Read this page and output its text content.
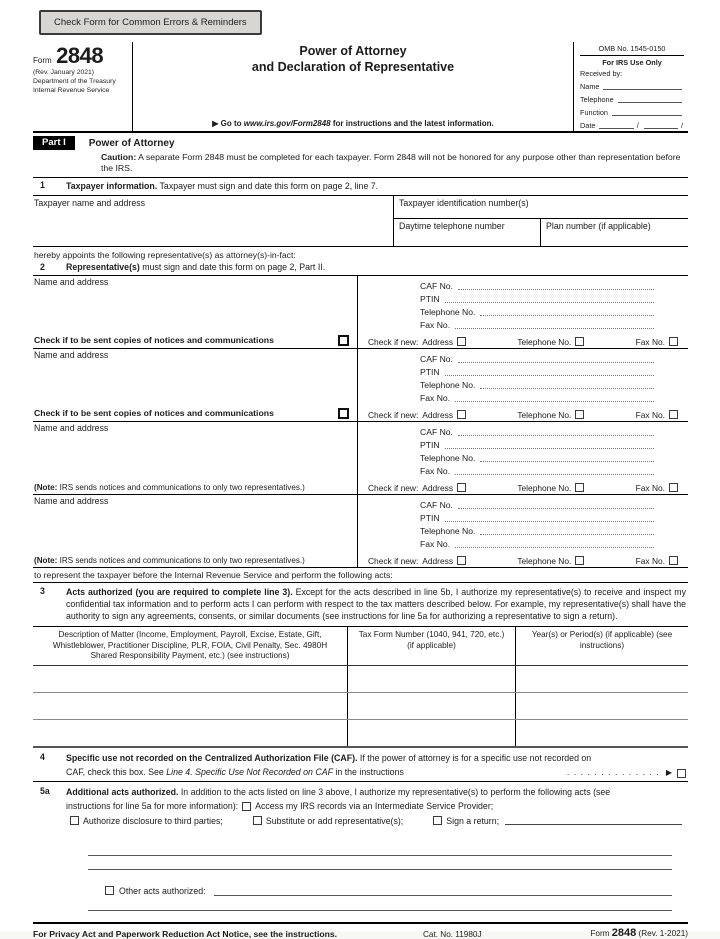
Check Form for Common Errors & Reminders
Form 2848
(Rev. January 2021)
Department of the Treasury
Internal Revenue Service
Power of Attorney
and Declaration of Representative
▶ Go to www.irs.gov/Form2848 for instructions and the latest information.
OMB No. 1545-0150
For IRS Use Only
Received by:
Name
Telephone
Function
Date	/	/
Part I	Power of Attorney
Caution: A separate Form 2848 must be completed for each taxpayer. Form 2848 will not be honored for any purpose other than representation before the IRS.
1	Taxpayer information. Taxpayer must sign and date this form on page 2, line 7.
Taxpayer name and address	Taxpayer identification number(s)
Daytime telephone number	Plan number (if applicable)
hereby appoints the following representative(s) as attorney(s)-in-fact:
2	Representative(s) must sign and date this form on page 2, Part II.
Name and address
Check if to be sent copies of notices and communications
CAF No.
PTIN
Telephone No.
Fax No.
Check if new: Address	Telephone No.	Fax No.
Name and address
Check if to be sent copies of notices and communications
CAF No.
PTIN
Telephone No.
Fax No.
Check if new: Address	Telephone No.	Fax No.
Name and address
(Note: IRS sends notices and communications to only two representatives.)
CAF No.
PTIN
Telephone No.
Fax No.
Check if new: Address	Telephone No.	Fax No.
Name and address
(Note: IRS sends notices and communications to only two representatives.)
CAF No.
PTIN
Telephone No.
Fax No.
Check if new: Address	Telephone No.	Fax No.
to represent the taxpayer before the Internal Revenue Service and perform the following acts:
3	Acts authorized (you are required to complete line 3). Except for the acts described in line 5b, I authorize my representative(s) to receive and inspect my confidential tax information and to perform acts I can perform with respect to the tax matters described below. For example, my representative(s) shall have the authority to sign any agreements, consents, or similar documents (see instructions for line 5a for authorizing a representative to sign a return).
Description of Matter (Income, Employment, Payroll, Excise, Estate, Gift, Whistleblower, Practitioner Discipline, PLR, FOIA, Civil Penalty, Sec. 4980H Shared Responsibility Payment, etc.) (see instructions)
Tax Form Number (1040, 941, 720, etc.) (if applicable)
Year(s) or Period(s) (if applicable) (see instructions)
4	Specific use not recorded on the Centralized Authorization File (CAF). If the power of attorney is for a specific use not recorded on
CAF, check this box. See Line 4. Specific Use Not Recorded on CAF in the instructions	. . . . . . . . . . . . . . ▶
5a	Additional acts authorized. In addition to the acts listed on line 3 above, I authorize my representative(s) to perform the following acts (see
instructions for line 5a for more information): Access my IRS records via an Intermediate Service Provider;
Authorize disclosure to third parties;	Substitute or add representative(s);	Sign a return;
Other acts authorized:
For Privacy Act and Paperwork Reduction Act Notice, see the instructions.	Cat. No. 11980J	Form 2848 (Rev. 1-2021)
